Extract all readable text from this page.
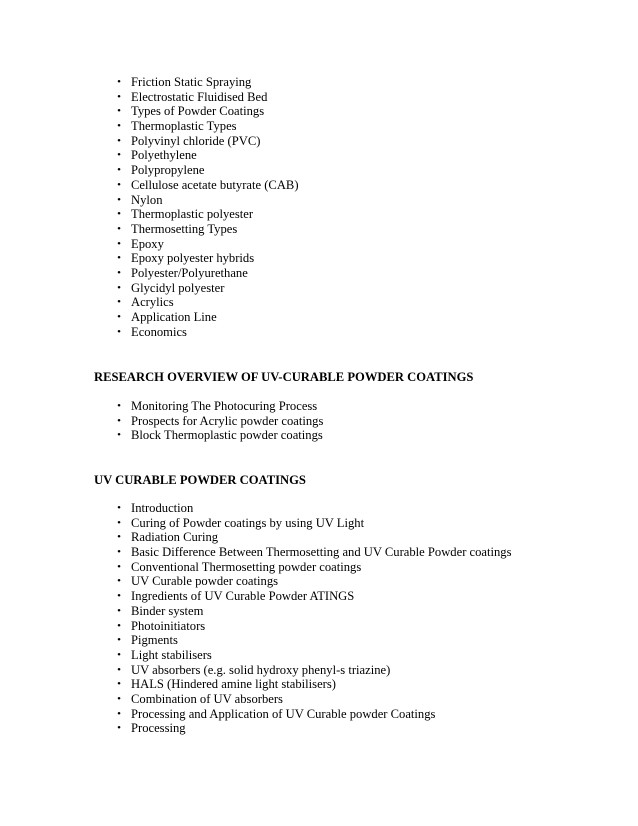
• Friction Static Spraying
• Electrostatic Fluidised Bed
• Types of Powder Coatings
• Thermoplastic Types
• Polyvinyl chloride (PVC)
• Polyethylene
• Polypropylene
• Cellulose acetate butyrate (CAB)
• Nylon
• Thermoplastic polyester
• Thermosetting Types
• Epoxy
• Epoxy polyester hybrids
• Polyester/Polyurethane
• Glycidyl polyester
• Acrylics
• Application Line
• Economics
RESEARCH OVERVIEW OF UV-CURABLE POWDER COATINGS
• Monitoring The Photocuring Process
• Prospects for Acrylic powder coatings
• Block Thermoplastic powder coatings
UV CURABLE POWDER COATINGS
• Introduction
• Curing of Powder coatings by using UV Light
• Radiation Curing
• Basic Difference Between Thermosetting and UV Curable Powder coatings
• Conventional Thermosetting powder coatings
• UV Curable powder coatings
• Ingredients of UV Curable Powder ATINGS
• Binder system
• Photoinitiators
• Pigments
• Light stabilisers
• UV absorbers (e.g. solid hydroxy phenyl-s triazine)
• HALS (Hindered amine light stabilisers)
• Combination of UV absorbers
• Processing and Application of UV Curable powder Coatings
• Processing
